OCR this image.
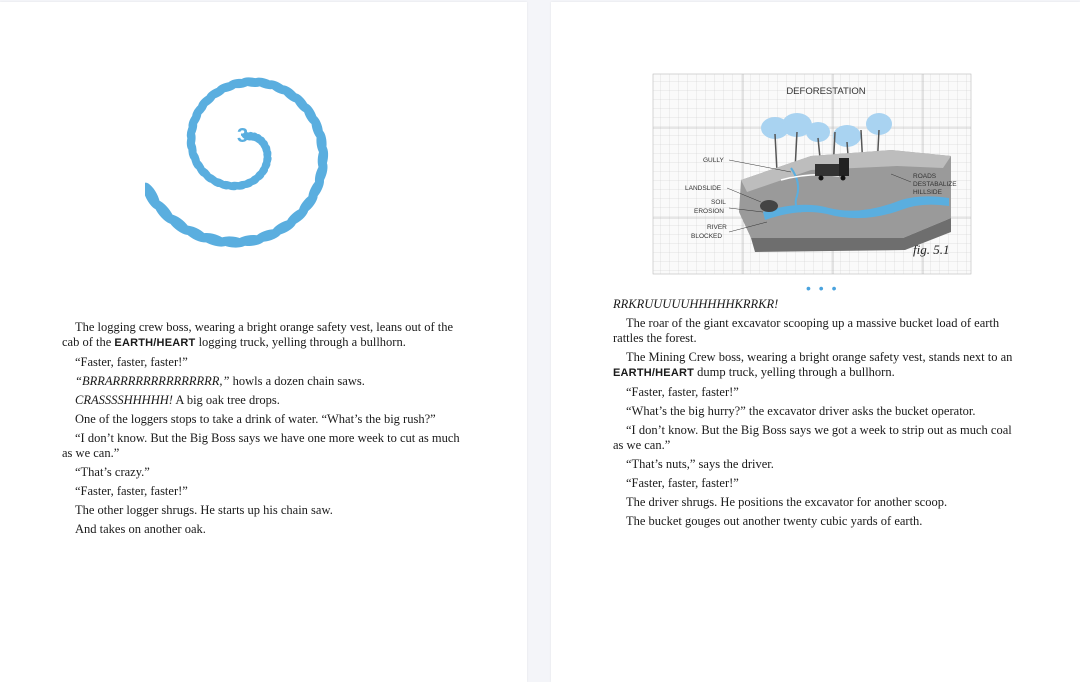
3

The logging crew boss, wearing a bright orange safety vest, leans out of the cab of the EARTH/HEART logging truck, yelling through a bullhorn.

“Faster, faster, faster!”

“BRRARRRRRRRRRRRRRR,” howls a dozen chain saws.

CRASSSSHHHHH! A big oak tree drops.

One of the loggers stops to take a drink of water. “What’s the big rush?”

“I don’t know. But the Big Boss says we have one more week to cut as much as we can.”

“That’s crazy.”

“Faster, faster, faster!”

The other logger shrugs. He starts up his chain saw.

And takes on another oak.

DEFORESTATION
GULLY
LANDSLIDE
SOIL
EROSION
RIVER
BLOCKED
ROADS
DESTABALIZE
HILLSIDE
fig. 5.1
• • •

RRKRUUUUUHHHHHKRRKR!

The roar of the giant excavator scooping up a massive bucket load of earth rattles the forest.

The Mining Crew boss, wearing a bright orange safety vest, stands next to an EARTH/HEART dump truck, yelling through a bullhorn.

“Faster, faster, faster!”

“What’s the big hurry?” the excavator driver asks the bucket operator.

“I don’t know. But the Big Boss says we got a week to strip out as much coal as we can.”

“That’s nuts,” says the driver.

“Faster, faster, faster!”

The driver shrugs. He positions the excavator for another scoop.

The bucket gouges out another twenty cubic yards of earth.
